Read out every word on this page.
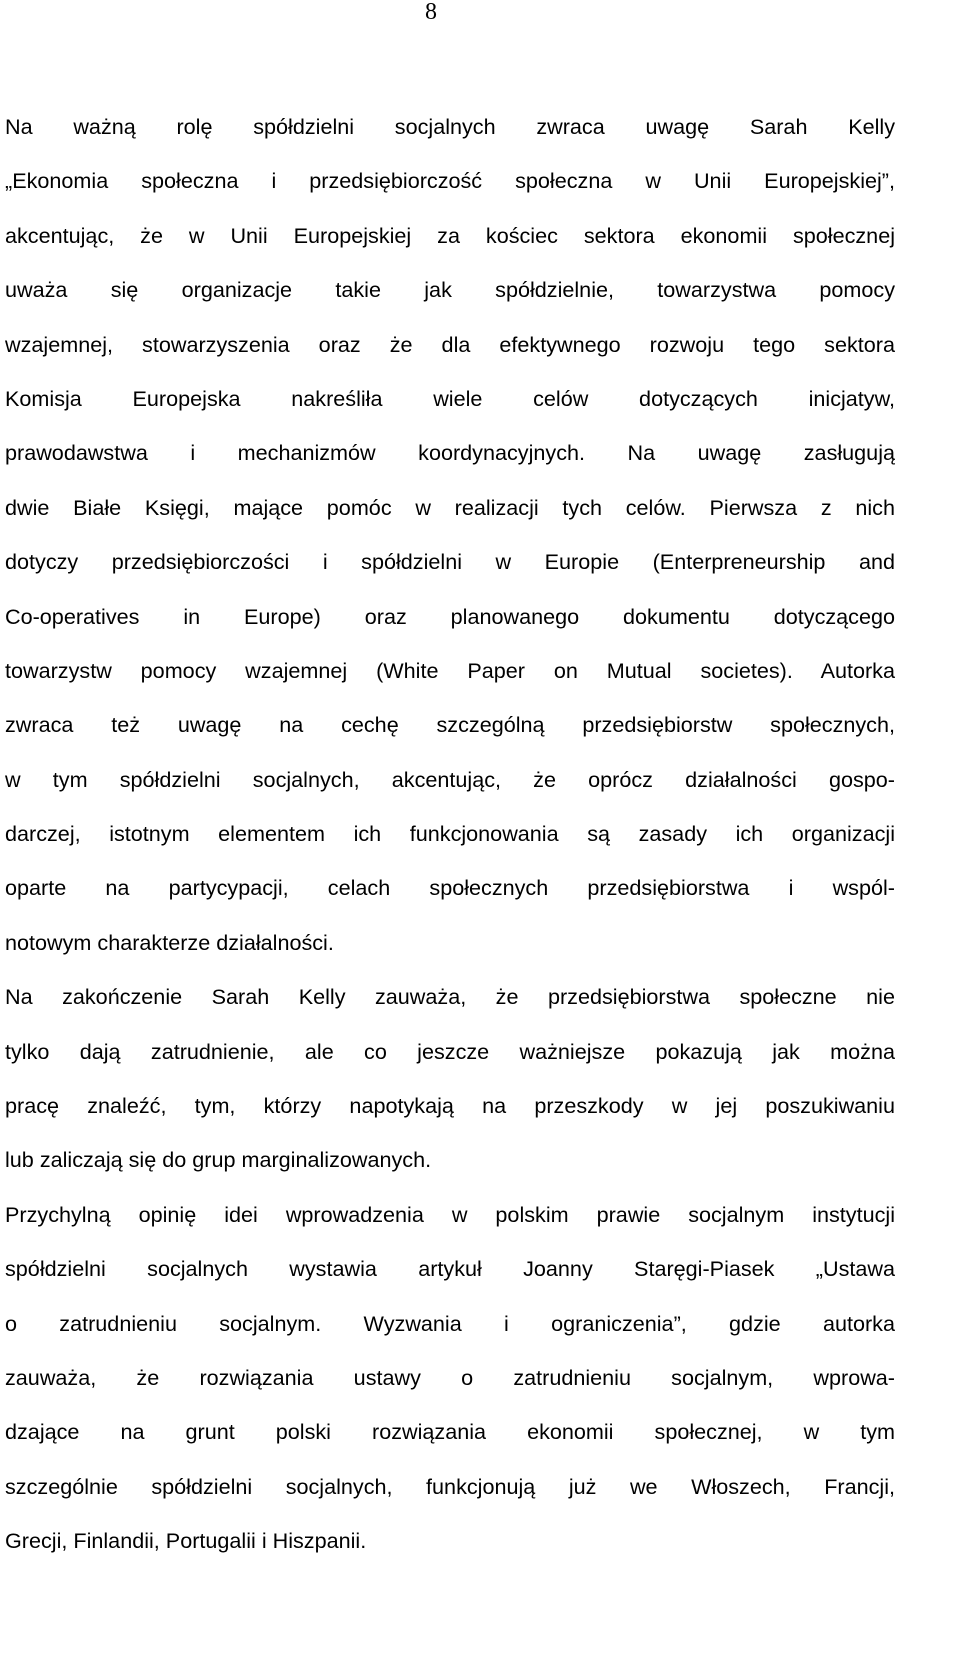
8
Na ważną rolę spółdzielni socjalnych zwraca uwagę Sarah Kelly
„Ekonomia społeczna i przedsiębiorczość społeczna w Unii Europejskiej”,
akcentując, że w Unii Europejskiej za kościec sektora ekonomii społecznej
uważa się organizacje takie jak spółdzielnie, towarzystwa pomocy
wzajemnej, stowarzyszenia oraz że dla efektywnego rozwoju tego sektora
Komisja Europejska nakreśliła wiele celów dotyczących inicjatyw,
prawodawstwa i mechanizmów koordynacyjnych. Na uwagę zasługują
dwie Białe Księgi, mające pomóc w realizacji tych celów. Pierwsza z nich
dotyczy przedsiębiorczości i spółdzielni w Europie (Enterpreneurship and
Co-operatives in Europe) oraz planowanego dokumentu dotyczącego
towarzystw pomocy wzajemnej (White Paper on Mutual societes). Autorka
zwraca też uwagę na cechę szczególną przedsiębiorstw społecznych,
w tym spółdzielni socjalnych, akcentując, że oprócz działalności gospo-
darczej, istotnym elementem ich funkcjonowania są zasady ich organizacji
oparte na partycypacji, celach społecznych przedsiębiorstwa i wspól-
notowym charakterze działalności.
Na zakończenie Sarah Kelly zauważa, że przedsiębiorstwa społeczne nie
tylko dają zatrudnienie, ale co jeszcze ważniejsze pokazują jak można
pracę znaleźć, tym, którzy napotykają na przeszkody w jej poszukiwaniu
lub zaliczają się do grup marginalizowanych.
Przychylną opinię idei wprowadzenia w polskim prawie socjalnym instytucji
spółdzielni socjalnych wystawia artykuł Joanny Staręgi-Piasek „Ustawa
o zatrudnieniu socjalnym. Wyzwania i ograniczenia”, gdzie autorka
zauważa, że rozwiązania ustawy o zatrudnieniu socjalnym, wprowa-
dzające na grunt polski rozwiązania ekonomii społecznej, w tym
szczególnie spółdzielni socjalnych, funkcjonują już we Włoszech, Francji,
Grecji, Finlandii, Portugalii i Hiszpanii.
